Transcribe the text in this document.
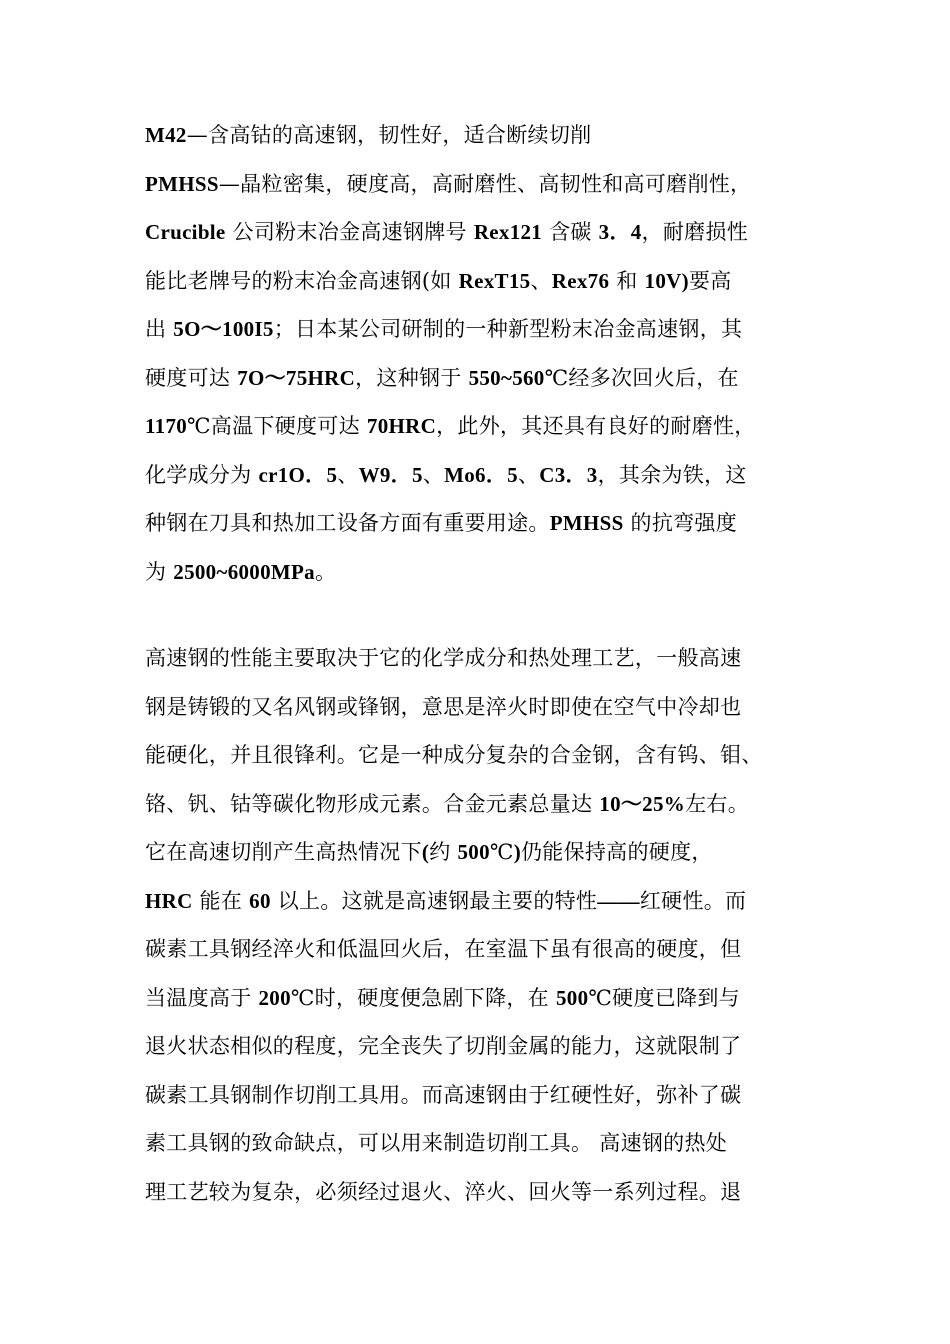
M42—含高钴的高速钢，韧性好，适合断续切削
PMHSS—晶粒密集，硬度高，高耐磨性、高韧性和高可磨削性，
Crucible 公司粉末冶金高速钢牌号 Rex121 含碳 3．4，耐磨损性
能比老牌号的粉末冶金高速钢(如 RexT15、Rex76 和 10V)要高
出 5O～100I5；日本某公司研制的一种新型粉末冶金高速钢，其
硬度可达 7O～75HRC，这种钢于 550~560℃经多次回火后，在
1170℃高温下硬度可达 70HRC，此外，其还具有良好的耐磨性，
化学成分为 cr1O．5、W9．5、Mo6．5、C3．3，其余为铁，这
种钢在刀具和热加工设备方面有重要用途。PMHSS 的抗弯强度
为 2500~6000MPa。
高速钢的性能主要取决于它的化学成分和热处理工艺，一般高速
钢是铸锻的又名风钢或锋钢，意思是淬火时即使在空气中冷却也
能硬化，并且很锋利。它是一种成分复杂的合金钢，含有钨、钼、
铬、钒、钴等碳化物形成元素。合金元素总量达 10～25%左右。
它在高速切削产生高热情况下(约 500℃)仍能保持高的硬度，
HRC 能在 60 以上。这就是高速钢最主要的特性——红硬性。而
碳素工具钢经淬火和低温回火后，在室温下虽有很高的硬度，但
当温度高于 200℃时，硬度便急剧下降，在 500℃硬度已降到与
退火状态相似的程度，完全丧失了切削金属的能力，这就限制了
碳素工具钢制作切削工具用。而高速钢由于红硬性好，弥补了碳
素工具钢的致命缺点，可以用来制造切削工具。 高速钢的热处
理工艺较为复杂，必须经过退火、淬火、回火等一系列过程。退
